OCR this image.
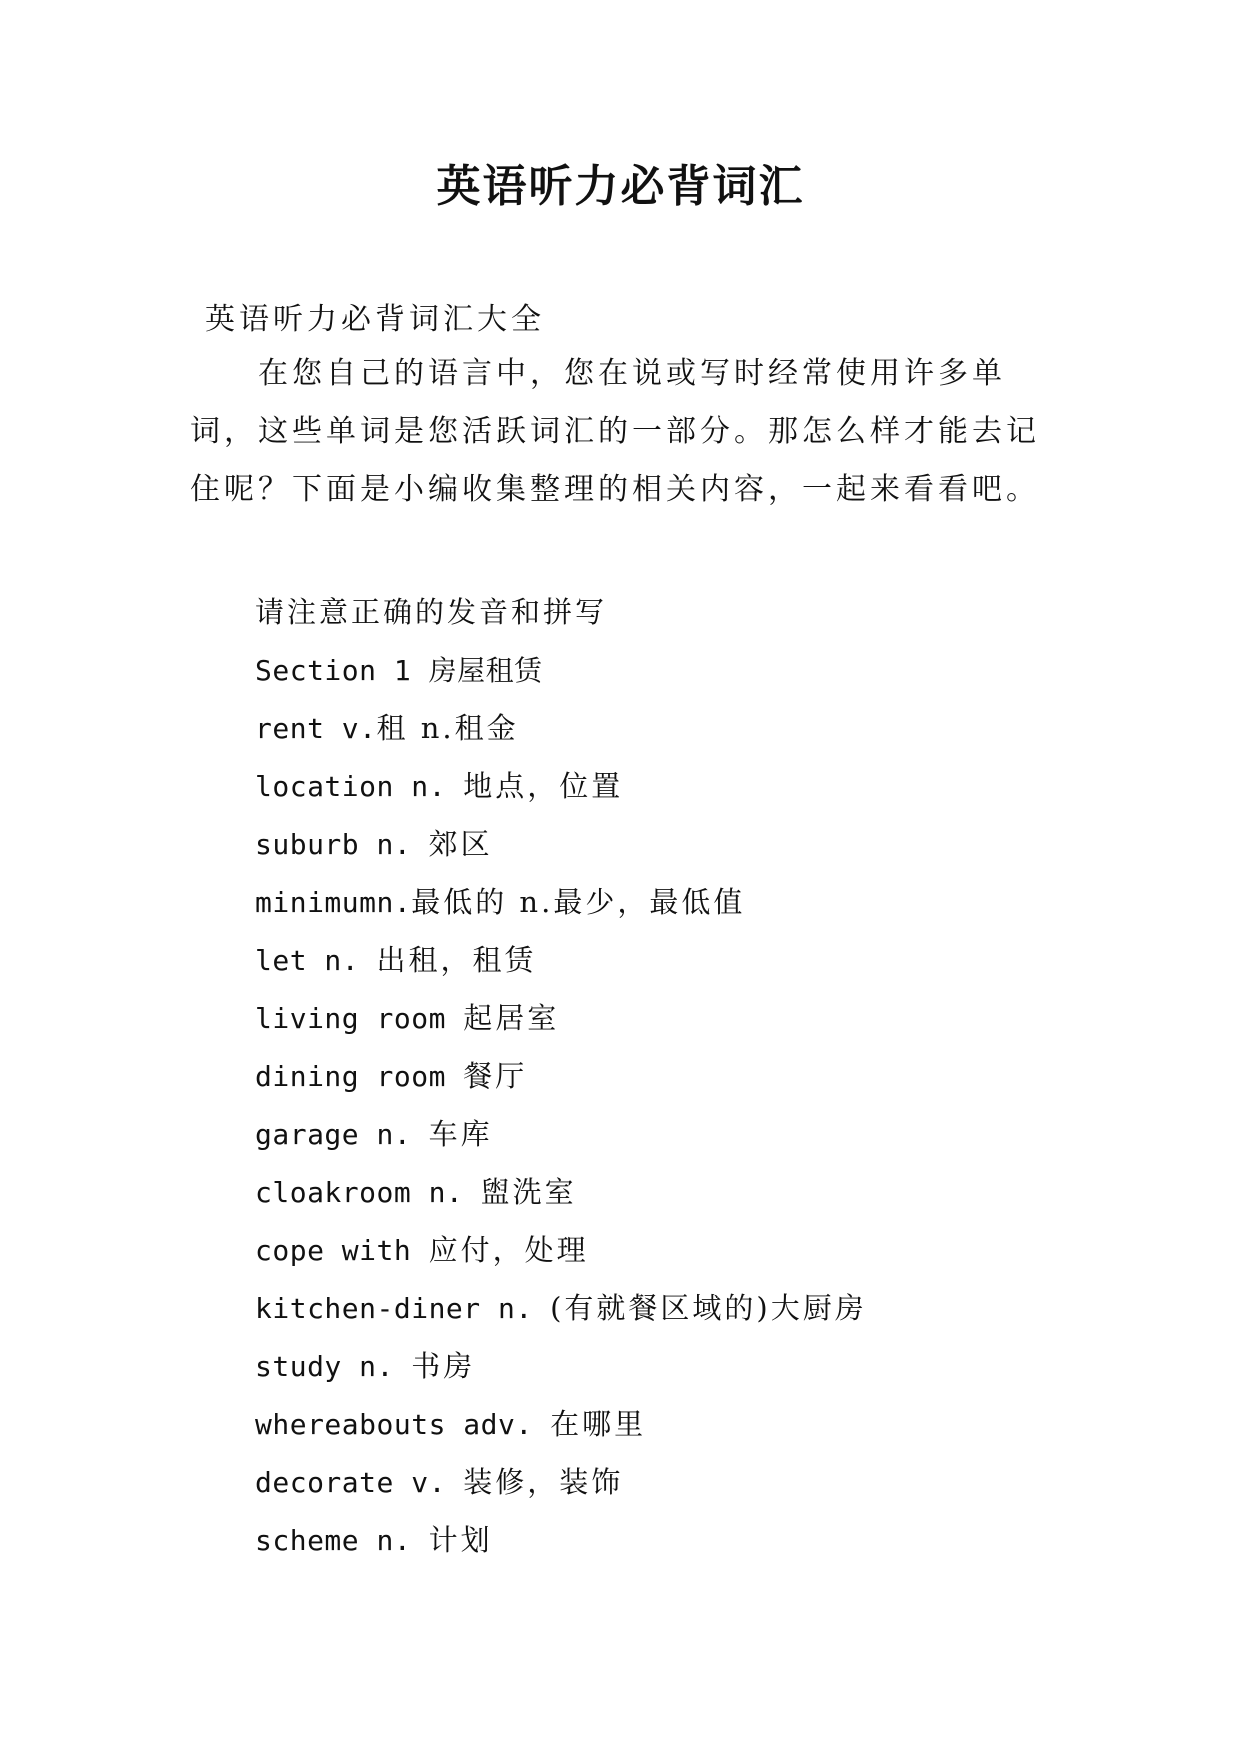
英语听力必背词汇

英语听力必背词汇大全

在您自己的语言中，您在说或写时经常使用许多单词，这些单词是您活跃词汇的一部分。那怎么样才能去记住呢？下面是小编收集整理的相关内容，一起来看看吧。

请注意正确的发音和拼写
Section 1 房屋租赁
rent v.租 n.租金
location n. 地点，位置
suburb n. 郊区
minimumn.最低的 n.最少，最低值
let n. 出租，租赁
living room 起居室
dining room 餐厅
garage n. 车库
cloakroom n. 盥洗室
cope with 应付，处理
kitchen-diner n. (有就餐区域的)大厨房
study n. 书房
whereabouts adv. 在哪里
decorate v. 装修，装饰
scheme n. 计划
